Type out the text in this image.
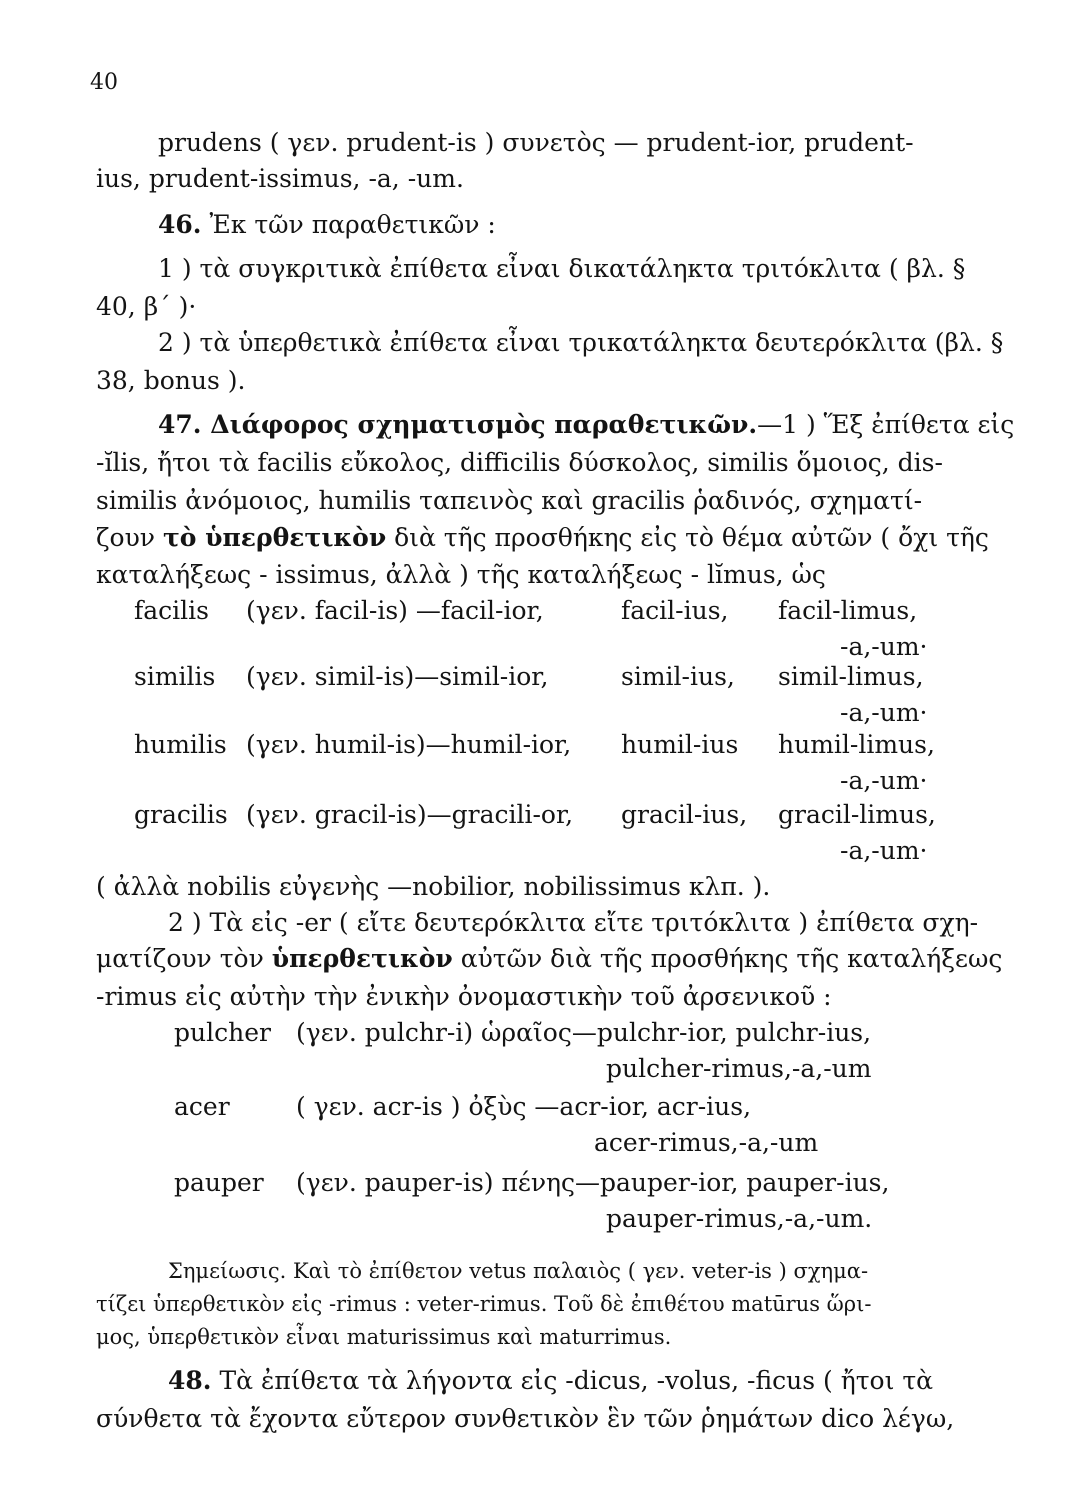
40
prudens ( γεν. prudent-is ) συνετὸς — prudent-ior, prudent-
ius, prudent-issimus, -a, -um.
46. Ἐκ τῶν παραθετικῶν :
1 ) τὰ συγκριτικὰ ἐπίθετα εἶναι δικατάληκτα τριτόκλιτα ( βλ. §
40, β΄ )·
2 ) τὰ ὑπερθετικὰ ἐπίθετα εἶναι τρικατάληκτα δευτερόκλιτα (βλ. §
38, bonus ).
47. Διάφορος σχηματισμὸς παραθετικῶν.—1 ) Ἕξ ἐπίθετα εἰς
-ĭlis, ἤτοι τὰ facilis εὔκολος, difficilis δύσκολος, similis ὅμοιος, dis-
similis ἀνόμοιος, humilis ταπεινὸς καὶ gracilis ῥαδινός, σχηματί-
ζουν τὸ ὑπερθετικὸν διὰ τῆς προσθήκης εἰς τὸ θέμα αὐτῶν ( ὄχι τῆς
καταλήξεως - issimus, ἀλλὰ ) τῆς καταλήξεως - lĭmus, ὡς
facilis (γεν. facil-is) —facil-ior,	facil-ius, facil-limus,
-a,-um·
similis (γεν. simil-is)—simil-ior,	simil-ius, simil-limus,
-a,-um·
humilis (γεν. humil-is)—humil-ior, humil-ius humil-limus,
-a,-um·
gracilis (γεν. gracil-is)—gracili-or, gracil-ius, gracil-limus,
-a,-um·
( ἀλλὰ nobilis εὐγενὴς —nobilior, nobilissimus κλπ. ).
2 ) Τὰ εἰς -er ( εἴτε δευτερόκλιτα εἴτε τριτόκλιτα ) ἐπίθετα σχη-
ματίζουν τὸν ὑπερθετικὸν αὐτῶν διὰ τῆς προσθήκης τῆς καταλήξεως
-rimus εἰς αὐτὴν τὴν ἐνικὴν ὀνομαστικὴν τοῦ ἀρσενικοῦ :
pulcher (γεν. pulchr-i) ὡραῖος—pulchr-ior, pulchr-ius,
pulcher-rimus,-a,-um
acer	( γεν. acr-is ) ὀξὺς —acr-ior, acr-ius,
acer-rimus,-a,-um
pauper (γεν. pauper-is) πένης—pauper-ior, pauper-ius,
pauper-rimus,-a,-um.
Σημείωσις. Καὶ τὸ ἐπίθετον vetus παλαιὸς ( γεν. veter-is ) σχημα-
τίζει ὑπερθετικὸν εἰς -rimus : veter-rimus. Τοῦ δὲ ἐπιθέτου matūrus ὥρι-
μος, ὑπερθετικὸν εἶναι maturissimus καὶ maturrimus.
48. Τὰ ἐπίθετα τὰ λήγοντα εἰς -dicus, -volus, -ficus ( ἤτοι τὰ
σύνθετα τὰ ἔχοντα εὔτερον συνθετικὸν ἓν τῶν ῥημάτων dico λέγω,
